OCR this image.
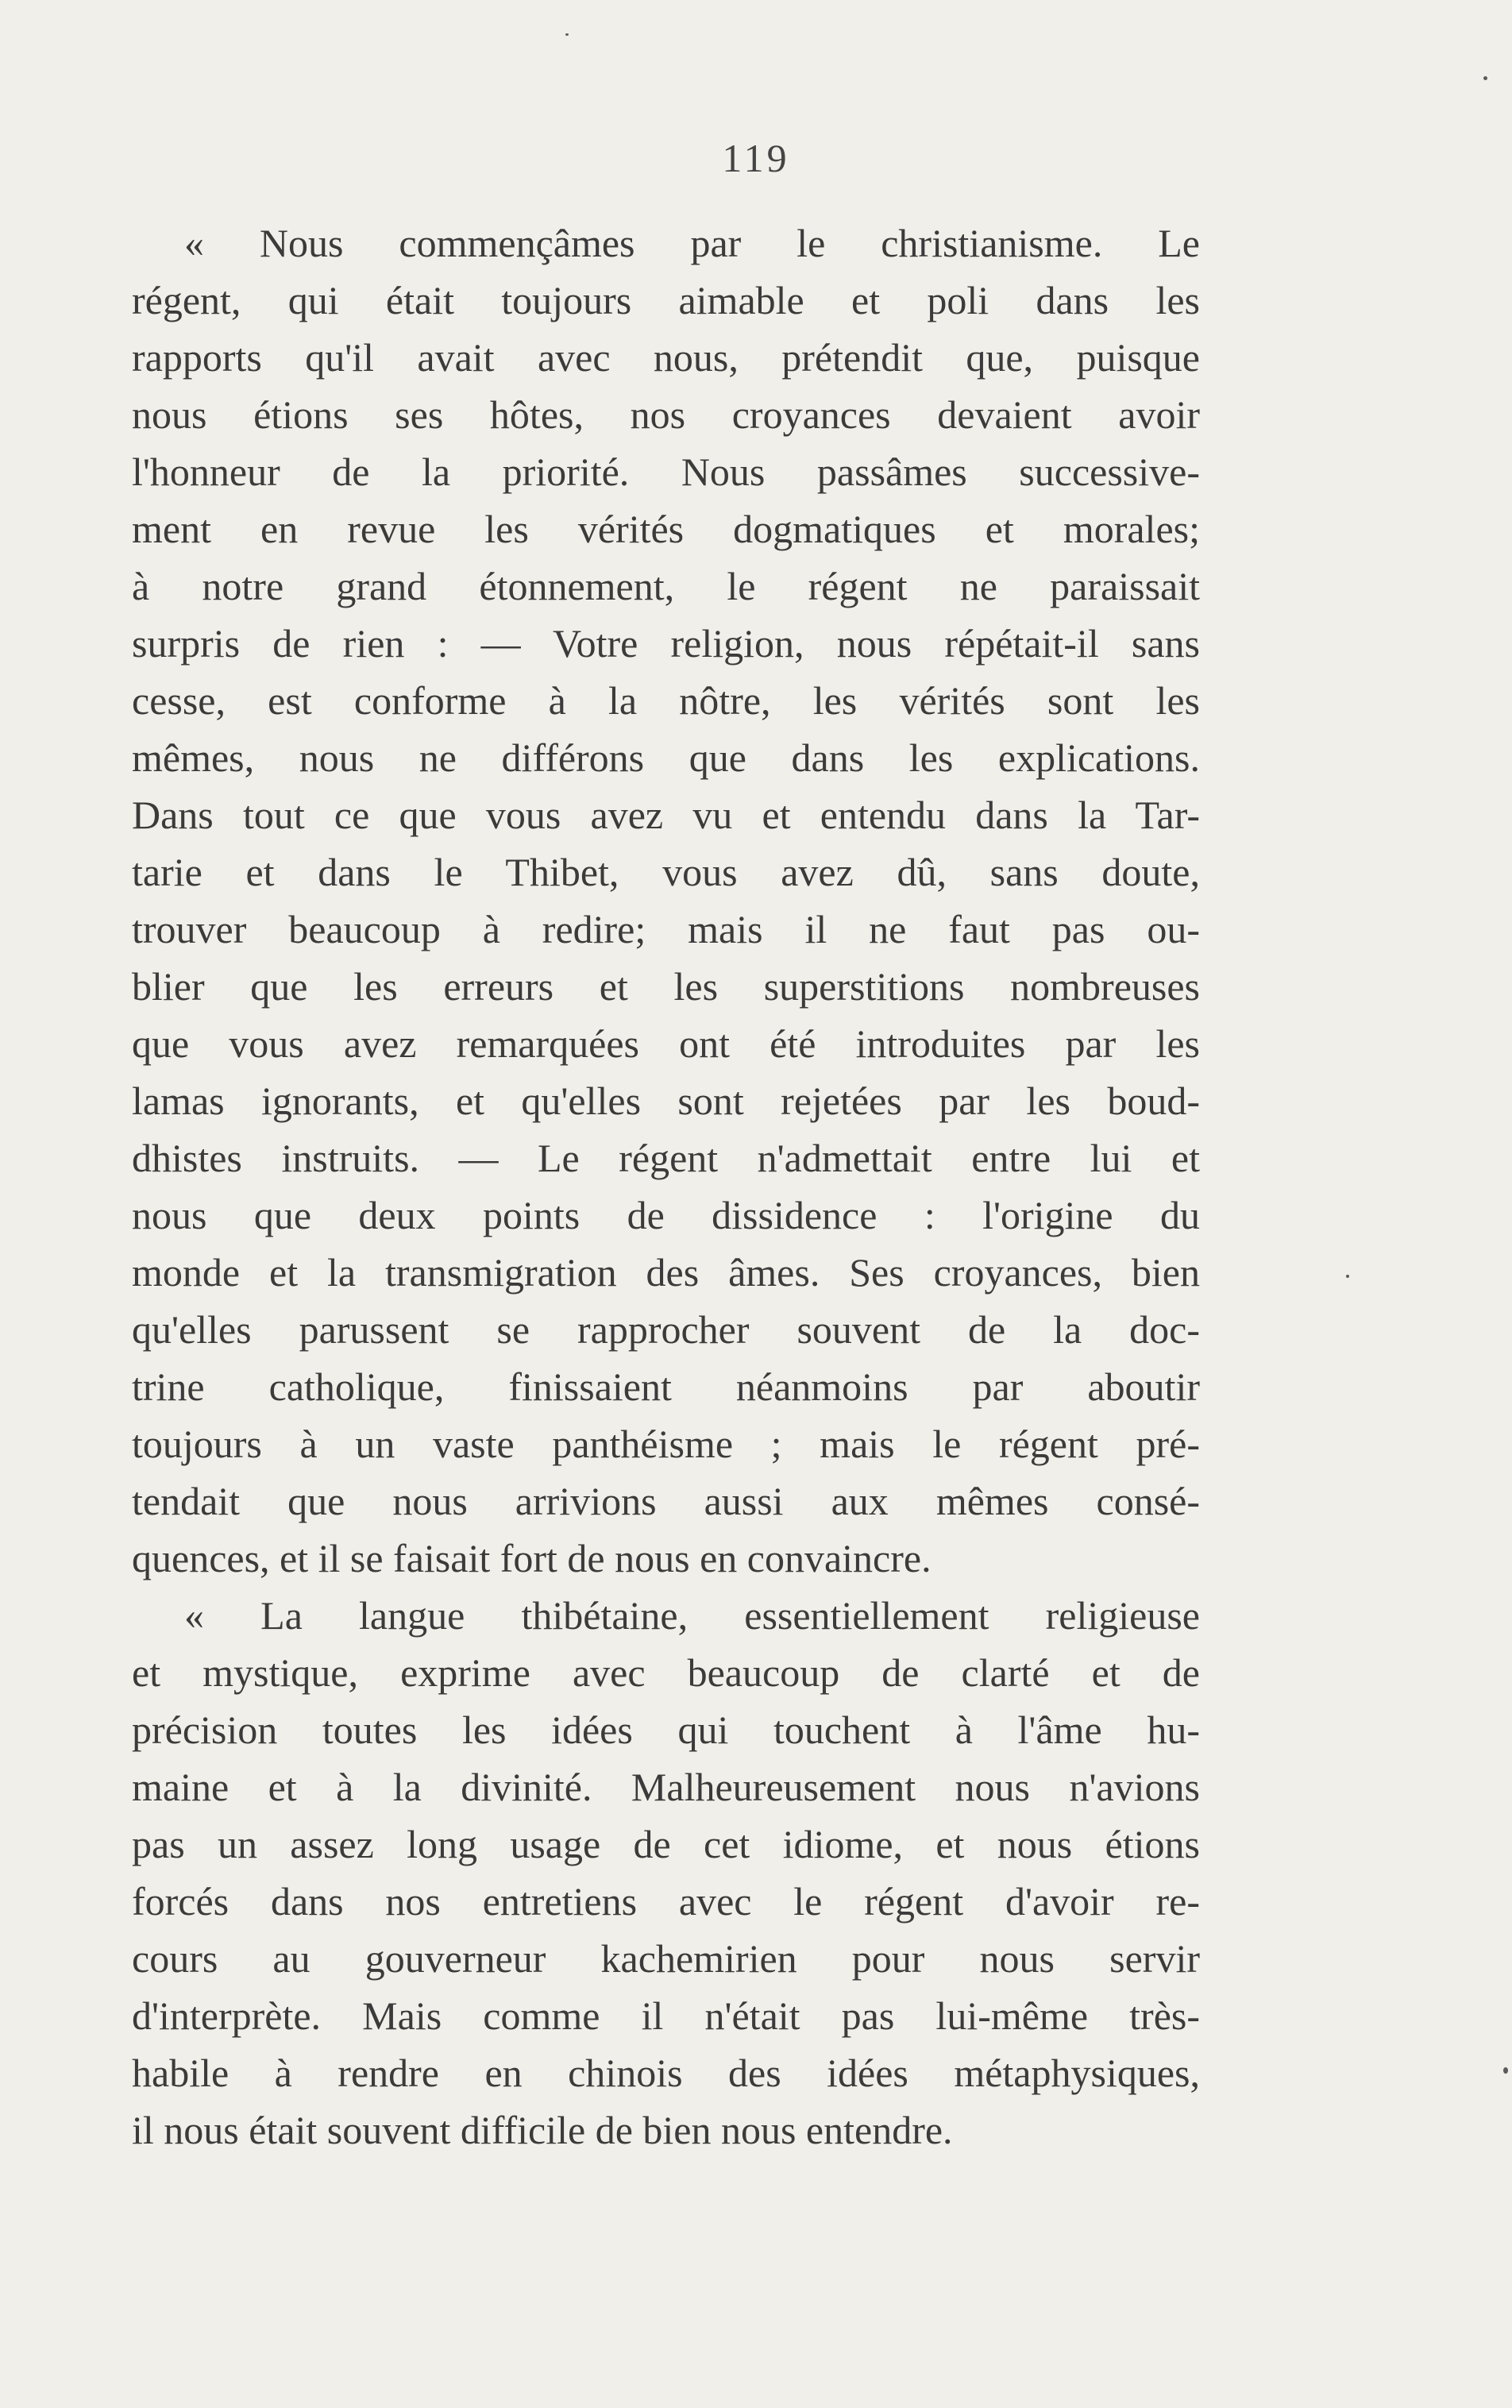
119
« Nous commençâmes par le christianisme. Le
régent, qui était toujours aimable et poli dans les
rapports qu'il avait avec nous, prétendit que, puisque
nous étions ses hôtes, nos croyances devaient avoir
l'honneur de la priorité. Nous passâmes successive-
ment en revue les vérités dogmatiques et morales;
à notre grand étonnement, le régent ne paraissait
surpris de rien : — Votre religion, nous répétait-il sans
cesse, est conforme à la nôtre, les vérités sont les
mêmes, nous ne différons que dans les explications.
Dans tout ce que vous avez vu et entendu dans la Tar-
tarie et dans le Thibet, vous avez dû, sans doute,
trouver beaucoup à redire; mais il ne faut pas ou-
blier que les erreurs et les superstitions nombreuses
que vous avez remarquées ont été introduites par les
lamas ignorants, et qu'elles sont rejetées par les boud-
dhistes instruits. — Le régent n'admettait entre lui et
nous que deux points de dissidence : l'origine du
monde et la transmigration des âmes. Ses croyances, bien
qu'elles parussent se rapprocher souvent de la doc-
trine catholique, finissaient néanmoins par aboutir
toujours à un vaste panthéisme ; mais le régent pré-
tendait que nous arrivions aussi aux mêmes consé-
quences, et il se faisait fort de nous en convaincre.
« La langue thibétaine, essentiellement religieuse
et mystique, exprime avec beaucoup de clarté et de
précision toutes les idées qui touchent à l'âme hu-
maine et à la divinité. Malheureusement nous n'avions
pas un assez long usage de cet idiome, et nous étions
forcés dans nos entretiens avec le régent d'avoir re-
cours au gouverneur kachemirien pour nous servir
d'interprète. Mais comme il n'était pas lui-même très-
habile à rendre en chinois des idées métaphysiques,
il nous était souvent difficile de bien nous entendre.
